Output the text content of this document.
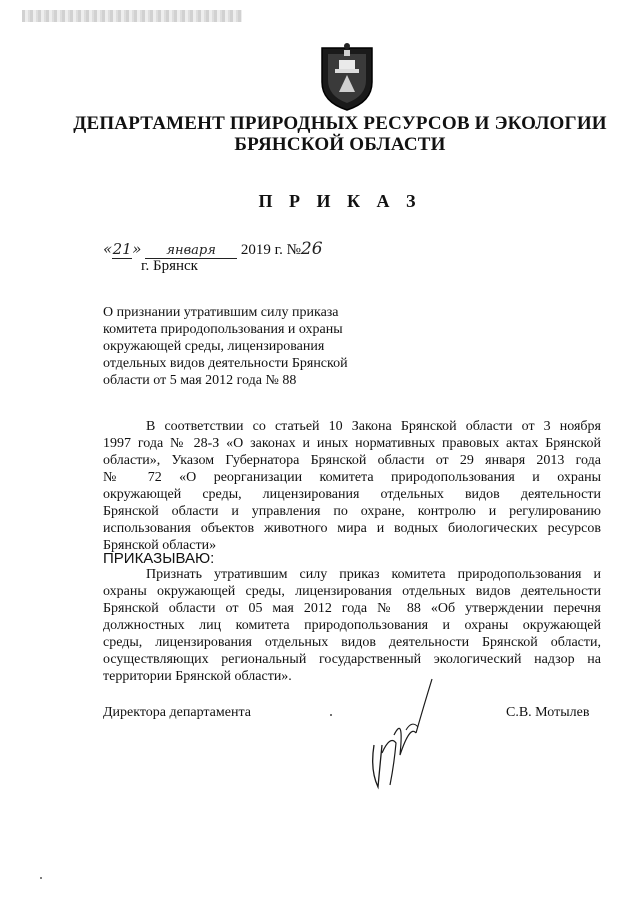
ДЕПАРТАМЕНТ ПРИРОДНЫХ РЕСУРСОВ И ЭКОЛОГИИ
БРЯНСКОЙ ОБЛАСТИ
П Р И К А З
«21» января 2019 г. №26
г. Брянск
О признании утратившим силу приказа
комитета природопользования и охраны
окружающей среды, лицензирования
отдельных видов деятельности Брянской
области от 5 мая 2012 года № 88
В соответствии со статьей 10 Закона Брянской области от 3 ноября
1997 года № 28-З «О законах и иных нормативных правовых актах Брянской
области», Указом Губернатора Брянской области от 29 января 2013 года
№ 72 «О реорганизации комитета природопользования и охраны
окружающей среды, лицензирования отдельных видов деятельности
Брянской области и управления по охране, контролю и регулированию
использования объектов животного мира и водных биологических ресурсов
Брянской области»
ПРИКАЗЫВАЮ:
Признать утратившим силу приказ комитета природопользования и
охраны окружающей среды, лицензирования отдельных видов деятельности
Брянской области от 05 мая 2012 года № 88 «Об утверждении перечня
должностных лиц комитета природопользования и охраны окружающей
среды, лицензирования отдельных видов деятельности Брянской области,
осуществляющих региональный государственный экологический надзор на
территории Брянской области».
Директора департамента	С.В. Мотылев
